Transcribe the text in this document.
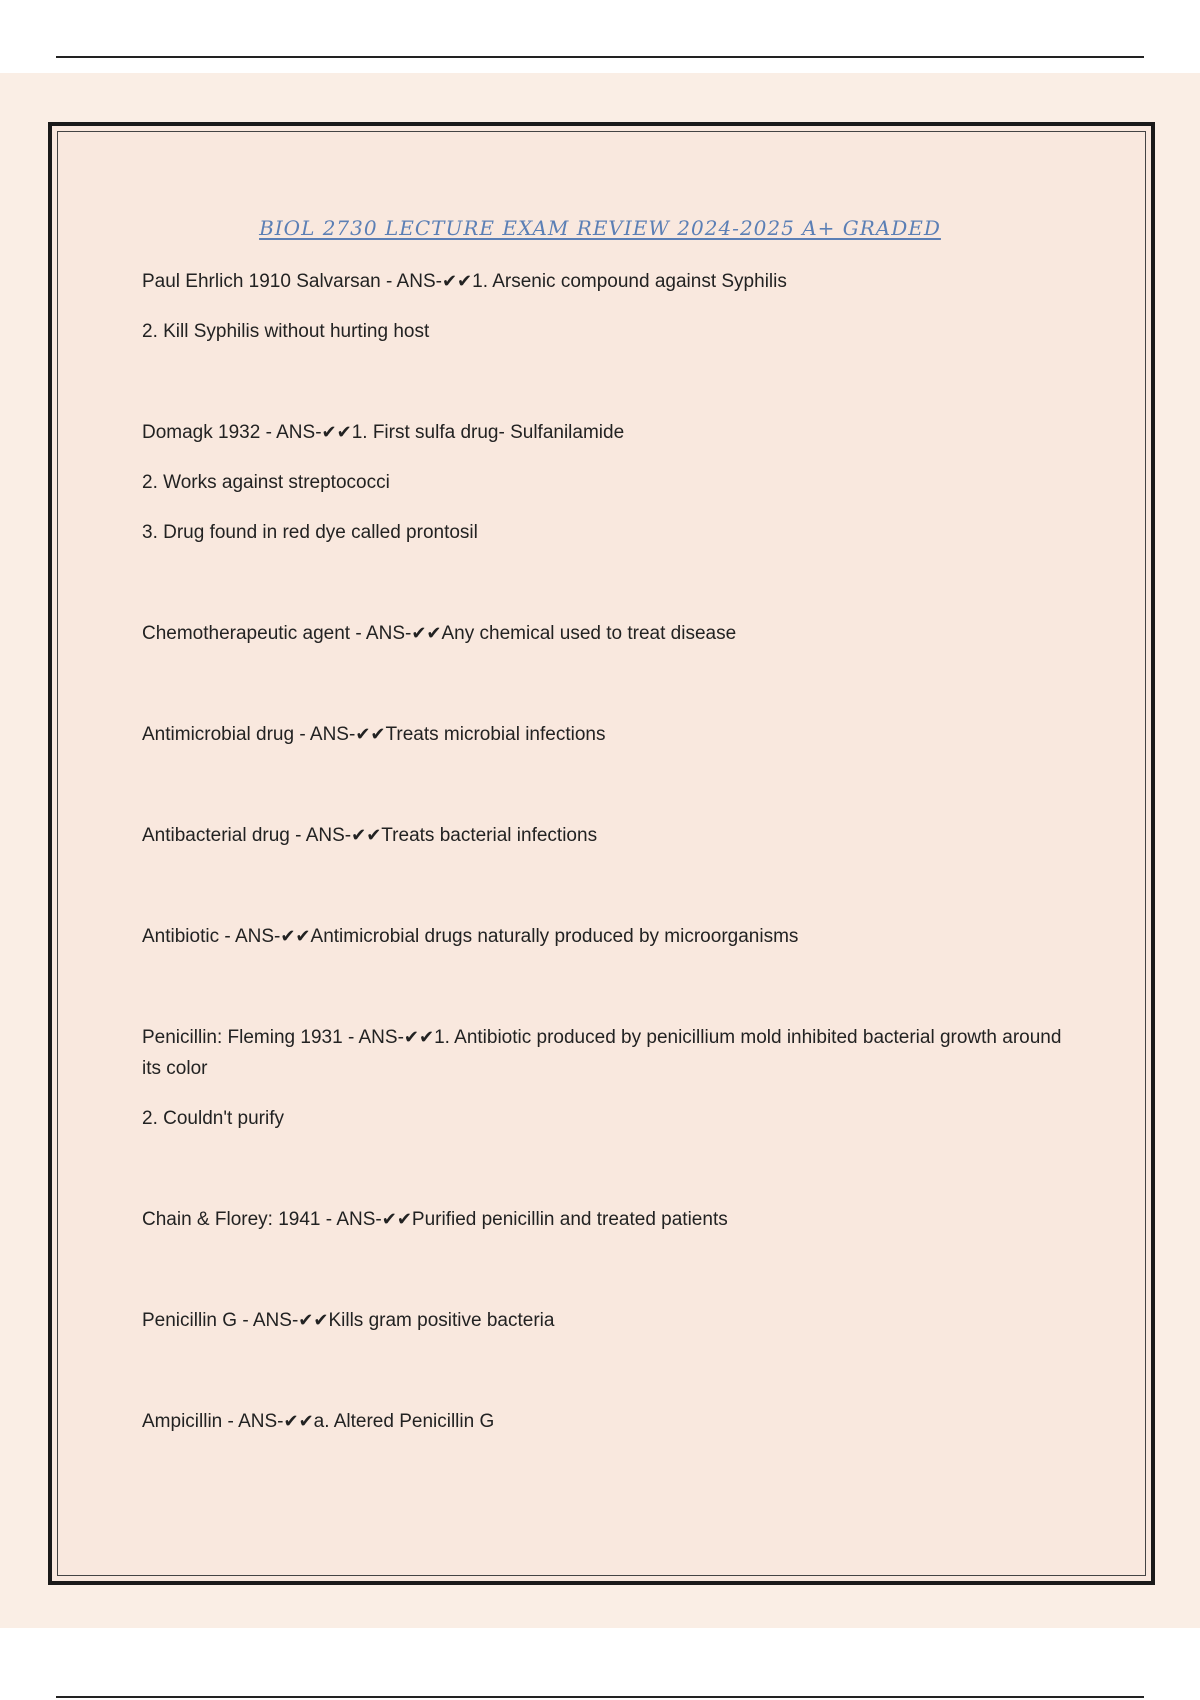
BIOL 2730 LECTURE EXAM REVIEW 2024-2025 A+ GRADED
Paul Ehrlich 1910 Salvarsan - ANS-✔✔1. Arsenic compound against Syphilis
2. Kill Syphilis without hurting host
Domagk 1932 - ANS-✔✔1. First sulfa drug- Sulfanilamide
2. Works against streptococci
3. Drug found in red dye called prontosil
Chemotherapeutic agent - ANS-✔✔Any chemical used to treat disease
Antimicrobial drug - ANS-✔✔Treats microbial infections
Antibacterial drug - ANS-✔✔Treats bacterial infections
Antibiotic - ANS-✔✔Antimicrobial drugs naturally produced by microorganisms
Penicillin: Fleming 1931 - ANS-✔✔1. Antibiotic produced by penicillium mold inhibited bacterial growth around its color
2. Couldn't purify
Chain & Florey: 1941 - ANS-✔✔Purified penicillin and treated patients
Penicillin G - ANS-✔✔Kills gram positive bacteria
Ampicillin - ANS-✔✔a. Altered Penicillin G
